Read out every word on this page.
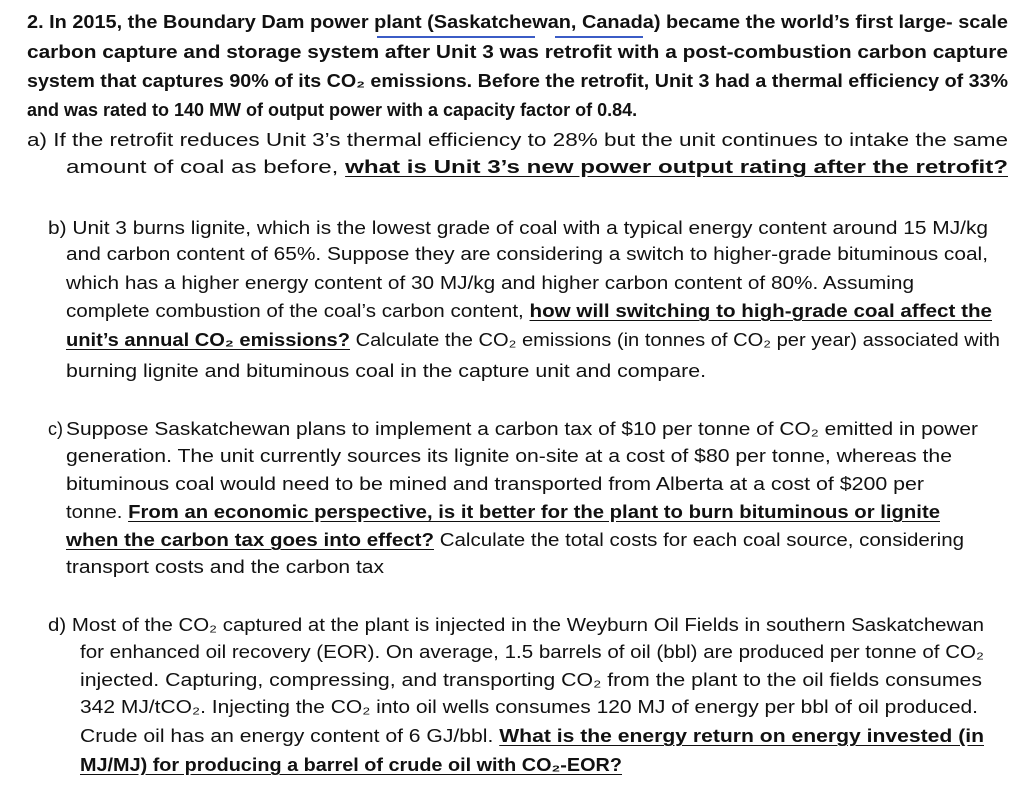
2. In 2015, the Boundary Dam power plant (Saskatchewan, Canada) became the world’s first large- scale
carbon capture and storage system after Unit 3 was retrofit with a post-combustion carbon capture
system that captures 90% of its CO₂ emissions. Before the retrofit, Unit 3 had a thermal efficiency of 33%
and was rated to 140 MW of output power with a capacity factor of 0.84.
a) If the retrofit reduces Unit 3’s thermal efficiency to 28% but the unit continues to intake the same
amount of coal as before, what is Unit 3’s new power output rating after the retrofit?
b) Unit 3 burns lignite, which is the lowest grade of coal with a typical energy content around 15 MJ/kg
and carbon content of 65%. Suppose they are considering a switch to higher-grade bituminous coal,
which has a higher energy content of 30 MJ/kg and higher carbon content of 80%. Assuming
complete combustion of the coal’s carbon content, how will switching to high-grade coal affect the
unit’s annual CO₂ emissions? Calculate the CO₂ emissions (in tonnes of CO₂ per year) associated with
burning lignite and bituminous coal in the capture unit and compare.
c) Suppose Saskatchewan plans to implement a carbon tax of $10 per tonne of CO₂ emitted in power
generation. The unit currently sources its lignite on-site at a cost of $80 per tonne, whereas the
bituminous coal would need to be mined and transported from Alberta at a cost of $200 per
tonne. From an economic perspective, is it better for the plant to burn bituminous or lignite
when the carbon tax goes into effect? Calculate the total costs for each coal source, considering
transport costs and the carbon tax
d) Most of the CO₂ captured at the plant is injected in the Weyburn Oil Fields in southern Saskatchewan
for enhanced oil recovery (EOR). On average, 1.5 barrels of oil (bbl) are produced per tonne of CO₂
injected. Capturing, compressing, and transporting CO₂ from the plant to the oil fields consumes
342 MJ/tCO₂. Injecting the CO₂ into oil wells consumes 120 MJ of energy per bbl of oil produced.
Crude oil has an energy content of 6 GJ/bbl. What is the energy return on energy invested (in
MJ/MJ) for producing a barrel of crude oil with CO₂-EOR?
